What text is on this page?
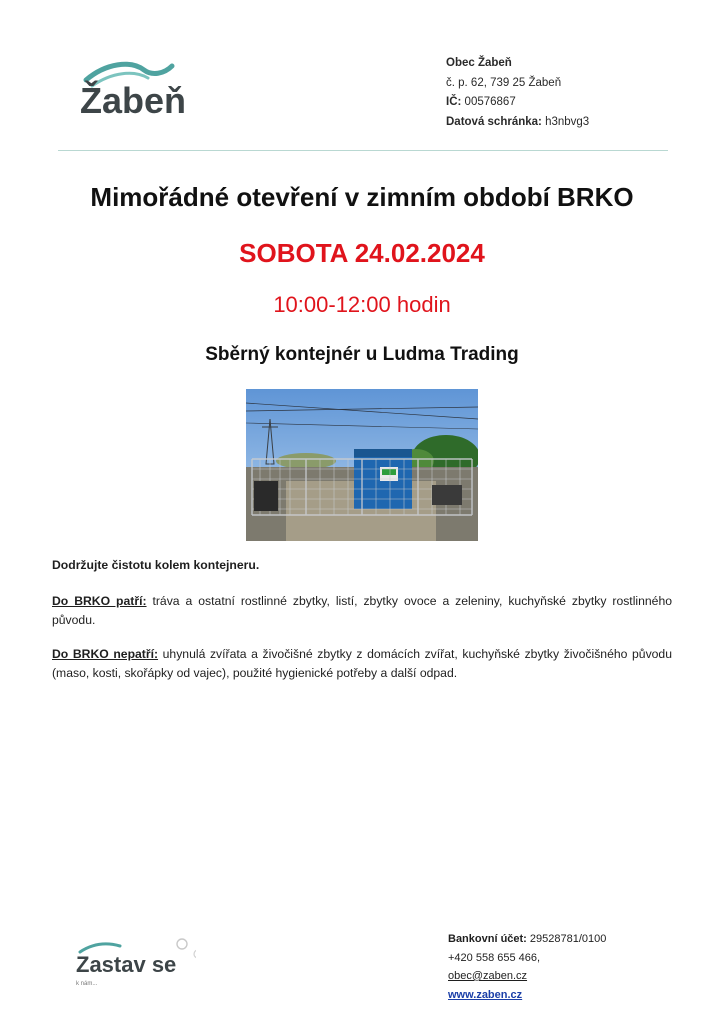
Žabeň
Obec Žabeň
č. p. 62, 739 25 Žabeň
IČ: 00576867
Datová schránka: h3nbvg3
Mimořádné otevření v zimním období BRKO
SOBOTA 24.02.2024
10:00-12:00 hodin
Sběrný kontejnér u Ludma Trading
Dodržujte čistotu kolem kontejneru.
Do BRKO patří: tráva a ostatní rostlinné zbytky, listí, zbytky ovoce a zeleniny, kuchyňské zbytky rostlinného původu.
Do BRKO nepatří: uhynulá zvířata a živočišné zbytky z domácích zvířat, kuchyňské zbytky živočišného původu (maso, kosti, skořápky od vajec), použité hygienické potřeby a další odpad.
Zastav se
k nám...
Bankovní účet: 29528781/0100
+420 558 655 466,
obec@zaben.cz
www.zaben.cz
